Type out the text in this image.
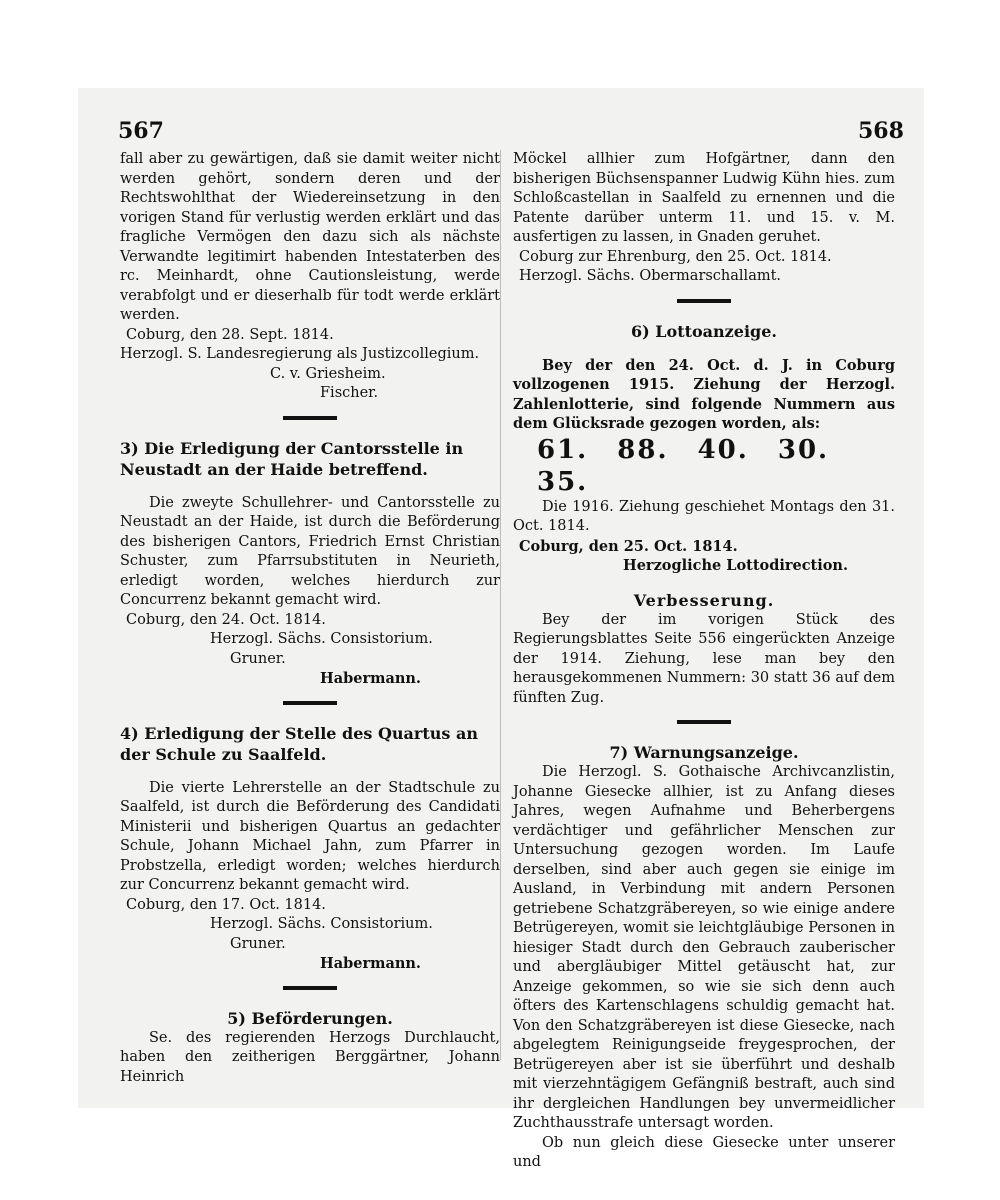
567	568

fall aber zu gewärtigen, daß sie damit weiter nicht werden gehört, sondern deren und der Rechtswohlthat der Wiedereinsetzung in den vorigen Stand für verlustig werden erklärt und das fragliche Vermögen den dazu sich als nächste Verwandte legitimirt habenden Intestaterben des rc. Meinhardt, ohne Cautionsleistung, werde verabfolgt und er dieserhalb für todt werde erklärt werden.

Coburg, den 28. Sept. 1814.

Herzogl. S. Landesregierung als Justizcollegium.

C. v. Griesheim.

Fischer.

3) Die Erledigung der Cantorsstelle in Neustadt an der Haide betreffend.

Die zweyte Schullehrer- und Cantorsstelle zu Neustadt an der Haide, ist durch die Beförderung des bisherigen Cantors, Friedrich Ernst Christian Schuster, zum Pfarrsubstituten in Neurieth, erledigt worden, welches hierdurch zur Concurrenz bekannt gemacht wird.

Coburg, den 24. Oct. 1814.

Herzogl. Sächs. Consistorium.

Gruner.

Habermann.

4) Erledigung der Stelle des Quartus an der Schule zu Saalfeld.

Die vierte Lehrerstelle an der Stadtschule zu Saalfeld, ist durch die Beförderung des Candidati Ministerii und bisherigen Quartus an gedachter Schule, Johann Michael Jahn, zum Pfarrer in Probstzella, erledigt worden; welches hierdurch zur Concurrenz bekannt gemacht wird.

Coburg, den 17. Oct. 1814.

Herzogl. Sächs. Consistorium.

Gruner.

Habermann.

5) Beförderungen.

Se. des regierenden Herzogs Durchlaucht, haben den zeitherigen Berggärtner, Johann Heinrich

Möckel allhier zum Hofgärtner, dann den bisherigen Büchsenspanner Ludwig Kühn hies. zum Schloßcastellan in Saalfeld zu ernennen und die Patente darüber unterm 11. und 15. v. M. ausfertigen zu lassen, in Gnaden geruhet.

Coburg zur Ehrenburg, den 25. Oct. 1814.

Herzogl. Sächs. Obermarschallamt.

6) Lottoanzeige.

Bey der den 24. Oct. d. J. in Coburg vollzogenen 1915. Ziehung der Herzogl. Zahlenlotterie, sind folgende Nummern aus dem Glücksrade gezogen worden, als:

61. 88. 40. 30. 35.

Die 1916. Ziehung geschiehet Montags den 31. Oct. 1814.

Coburg, den 25. Oct. 1814.

Herzogliche Lottodirection.

Verbesserung.

Bey der im vorigen Stück des Regierungsblattes Seite 556 eingerückten Anzeige der 1914. Ziehung, lese man bey den herausgekommenen Nummern: 30 statt 36 auf dem fünften Zug.

7) Warnungsanzeige.

Die Herzogl. S. Gothaische Archivcanzlistin, Johanne Giesecke allhier, ist zu Anfang dieses Jahres, wegen Aufnahme und Beherbergens verdächtiger und gefährlicher Menschen zur Untersuchung gezogen worden. Im Laufe derselben, sind aber auch gegen sie einige im Ausland, in Verbindung mit andern Personen getriebene Schatzgräbereyen, so wie einige andere Betrügereyen, womit sie leichtgläubige Personen in hiesiger Stadt durch den Gebrauch zauberischer und abergläubiger Mittel getäuscht hat, zur Anzeige gekommen, so wie sie sich denn auch öfters des Kartenschlagens schuldig gemacht hat. Von den Schatzgräbereyen ist diese Giesecke, nach abgelegtem Reinigungseide freygesprochen, der Betrügereyen aber ist sie überführt und deshalb mit vierzehntägigem Gefängniß bestraft, auch sind ihr dergleichen Handlungen bey unvermeidlicher Zuchthausstrafe untersagt worden.

Ob nun gleich diese Giesecke unter unserer und
